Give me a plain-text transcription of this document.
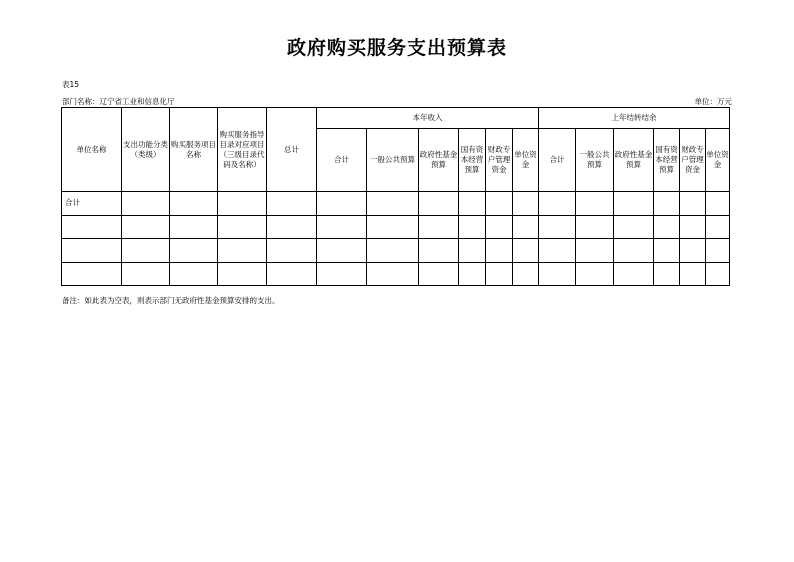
政府购买服务支出预算表
表15
部门名称：辽宁省工业和信息化厅	单位：万元
单位名称	支出功能分类（类级）	购买服务项目名称	购买服务指导目录对应项目（三级目录代码及名称）	总计	本年收入						上年结转结余					
					合计	一般公共预算	政府性基金预算	国有资本经营预算	财政专户管理资金	单位资金	合计	一般公共预算	政府性基金预算	国有资本经营预算	财政专户管理资金	单位资金
合计																

备注：如此表为空表，则表示部门无政府性基金预算安排的支出。
